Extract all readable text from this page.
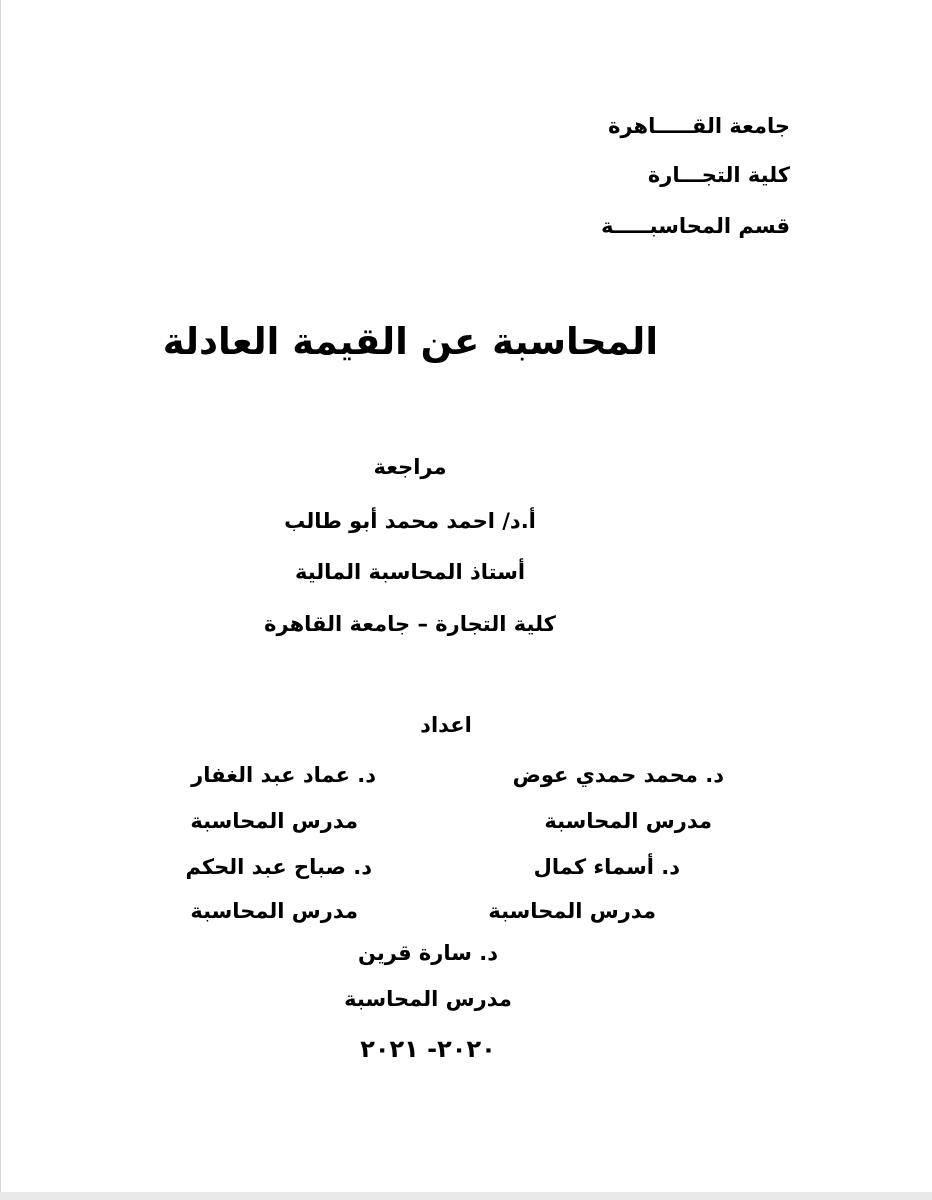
جامعة القـــــاهرة
كلية التجـــارة
قسم المحاسبـــــة
المحاسبة عن القيمة العادلة
مراجعة
أ.د/ احمد محمد أبو طالب
أستاذ المحاسبة المالية
كلية التجارة – جامعة القاهرة
اعداد
د. محمد حمدي عوض
مدرس المحاسبة
د. عماد عبد الغفار
مدرس المحاسبة
د. أسماء كمال
مدرس المحاسبة
د. صباح عبد الحكم
مدرس المحاسبة
د. سارة قرين
مدرس المحاسبة
٢٠٢٠- ٢٠٢١
